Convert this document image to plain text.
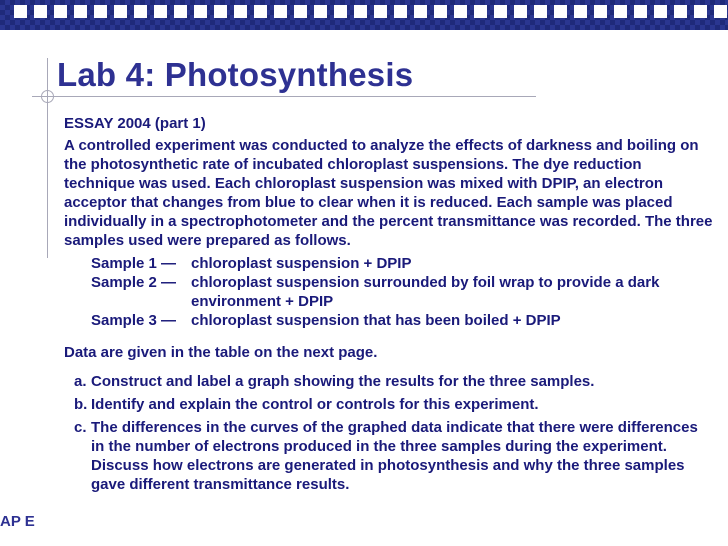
Lab 4: Photosynthesis
ESSAY 2004 (part 1)
A controlled experiment was conducted to analyze the effects of darkness and boiling on the photosynthetic rate of incubated chloroplast suspensions. The dye reduction technique was used. Each chloroplast suspension was mixed with DPIP, an electron acceptor that changes from blue to clear when it is reduced. Each sample was placed individually in a spectrophotometer and the percent transmittance was recorded. The three samples used were prepared as follows.
Sample 1 — chloroplast suspension + DPIP
Sample 2 — chloroplast suspension surrounded by foil wrap to provide a dark environment + DPIP
Sample 3 — chloroplast suspension that has been boiled + DPIP
Data are given in the table on the next page.
a. Construct and label a graph showing the results for the three samples.
b. Identify and explain the control or controls for this experiment.
c. The differences in the curves of the graphed data indicate that there were differences in the number of electrons produced in the three samples during the experiment. Discuss how electrons are generated in photosynthesis and why the three samples gave different transmittance results.
AP E
